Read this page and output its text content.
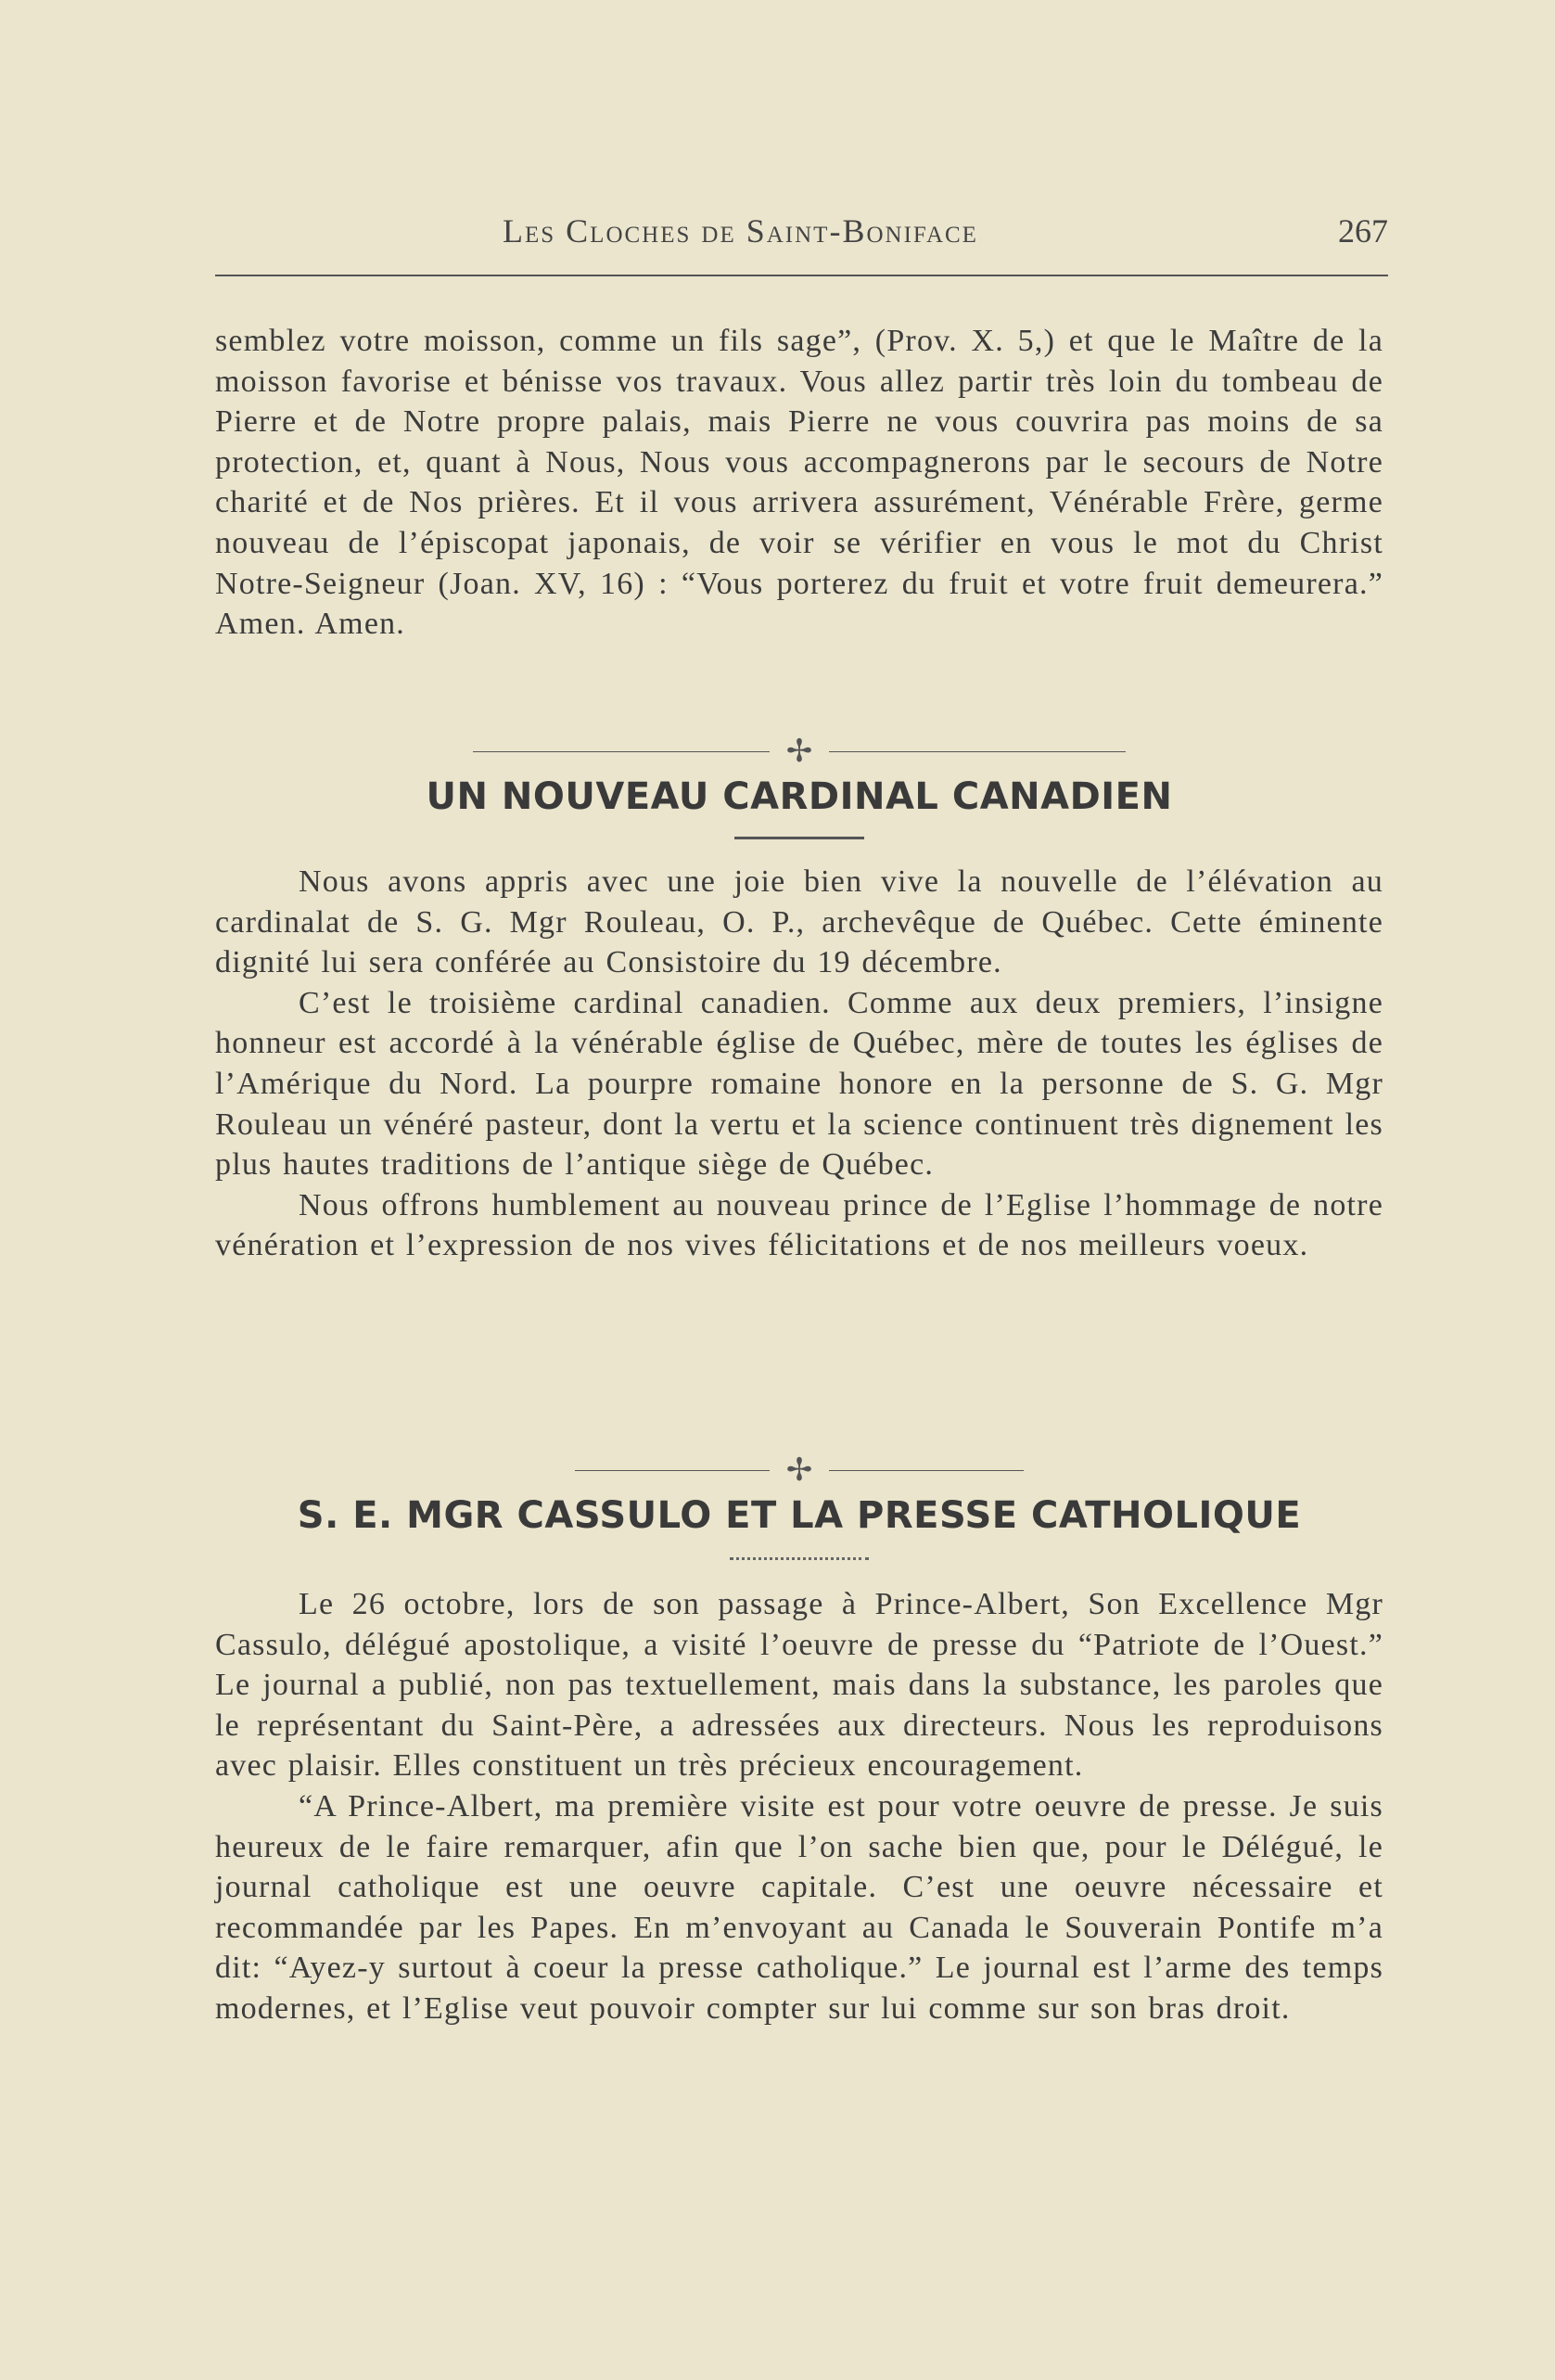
Les Cloches de Saint-Boniface	267

semblez votre moisson, comme un fils sage”, (Prov. X. 5,) et que le Maître de la moisson favorise et bénisse vos travaux. Vous allez partir très loin du tombeau de Pierre et de Notre propre palais, mais Pierre ne vous couvrira pas moins de sa protection, et, quant à Nous, Nous vous accompagnerons par le secours de Notre charité et de Nos prières. Et il vous arrivera assurément, Vénérable Frère, germe nouveau de l’épiscopat japonais, de voir se vérifier en vous le mot du Christ Notre-Seigneur (Joan. XV, 16) : “Vous porterez du fruit et votre fruit demeurera.” Amen. Amen.

✢
UN NOUVEAU CARDINAL CANADIEN

Nous avons appris avec une joie bien vive la nouvelle de l’élévation au cardinalat de S. G. Mgr Rouleau, O. P., archevêque de Québec. Cette éminente dignité lui sera conférée au Consistoire du 19 décembre.

C’est le troisième cardinal canadien. Comme aux deux premiers, l’insigne honneur est accordé à la vénérable église de Québec, mère de toutes les églises de l’Amérique du Nord. La pourpre romaine honore en la personne de S. G. Mgr Rouleau un vénéré pasteur, dont la vertu et la science continuent très dignement les plus hautes traditions de l’antique siège de Québec.

Nous offrons humblement au nouveau prince de l’Eglise l’hommage de notre vénération et l’expression de nos vives félicitations et de nos meilleurs voeux.

✢
S. E. MGR CASSULO ET LA PRESSE CATHOLIQUE

Le 26 octobre, lors de son passage à Prince-Albert, Son Excellence Mgr Cassulo, délégué apostolique, a visité l’oeuvre de presse du “Patriote de l’Ouest.” Le journal a publié, non pas textuellement, mais dans la substance, les paroles que le représentant du Saint-Père, a adressées aux directeurs. Nous les reproduisons avec plaisir. Elles constituent un très précieux encouragement.

“A Prince-Albert, ma première visite est pour votre oeuvre de presse. Je suis heureux de le faire remarquer, afin que l’on sache bien que, pour le Délégué, le journal catholique est une oeuvre capitale. C’est une oeuvre nécessaire et recommandée par les Papes. En m’envoyant au Canada le Souverain Pontife m’a dit: “Ayez-y surtout à coeur la presse catholique.” Le journal est l’arme des temps modernes, et l’Eglise veut pouvoir compter sur lui comme sur son bras droit.
